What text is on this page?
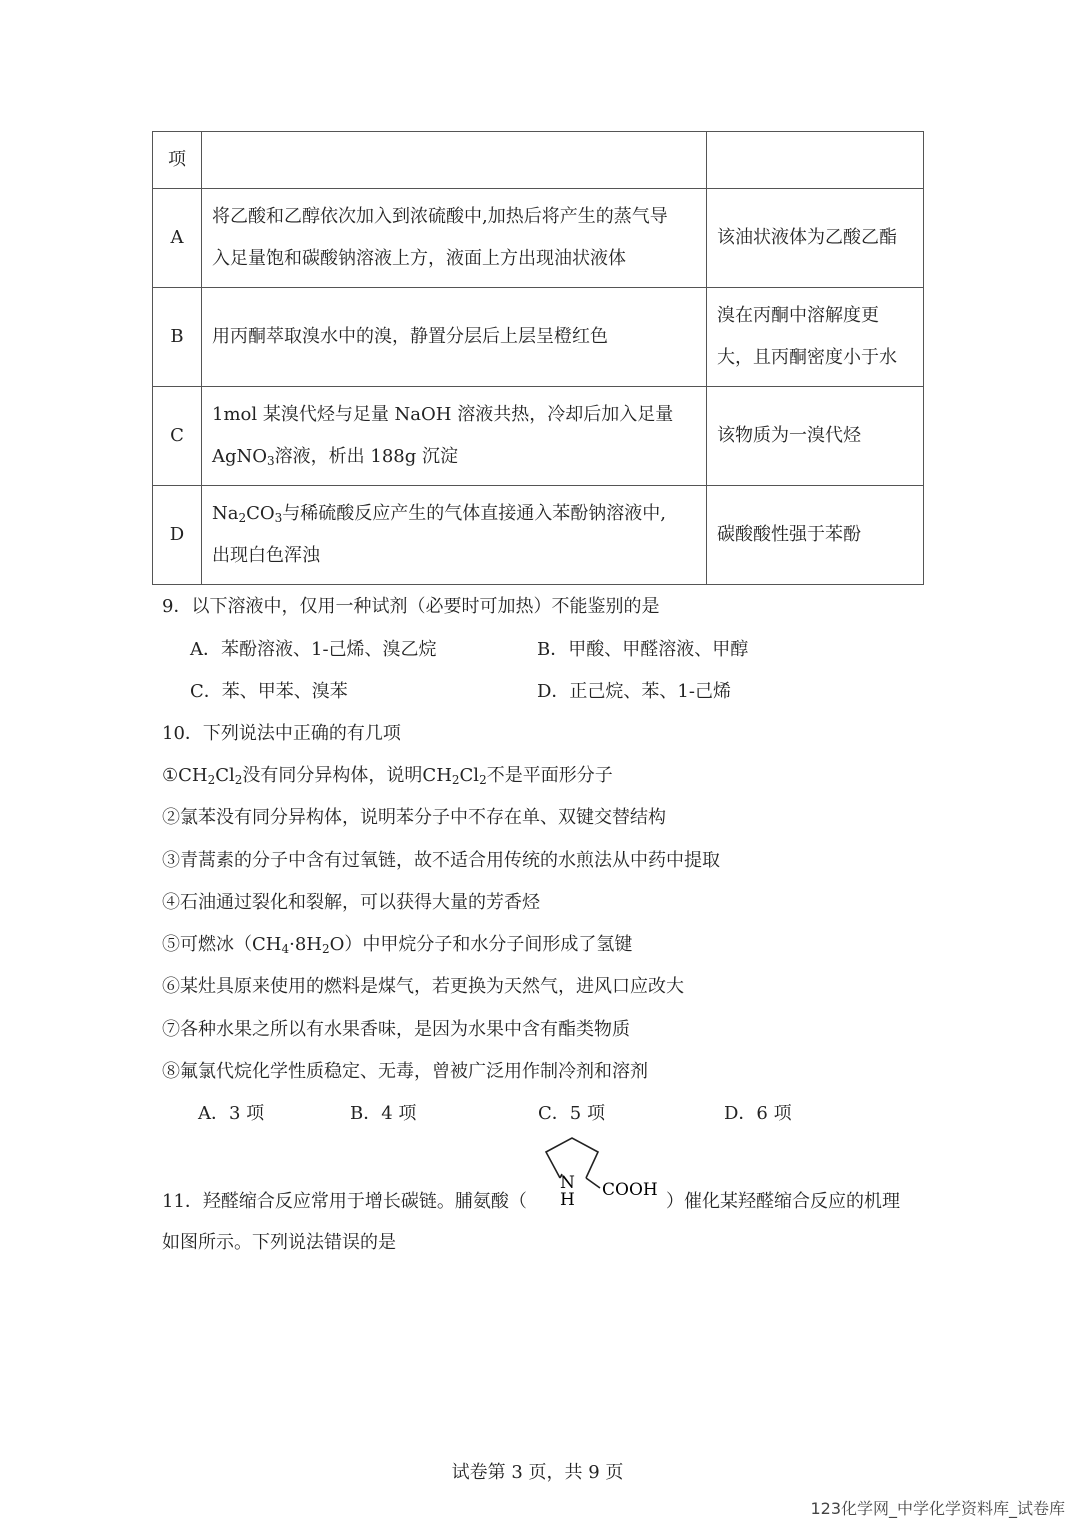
项		
A	将乙酸和乙醇依次加入到浓硫酸中,加热后将产生的蒸气导
入足量饱和碳酸钠溶液上方，液面上方出现油状液体	该油状液体为乙酸乙酯

B	用丙酮萃取溴水中的溴，静置分层后上层呈橙红色	溴在丙酮中溶解度更
大，且丙酮密度小于水

C	1mol 某溴代烃与足量 NaOH 溶液共热，冷却后加入足量
AgNO$_3$溶液，析出 188g 沉淀	该物质为一溴代烃

D	$Na_2CO_3$与稀硫酸反应产生的气体直接通入苯酚钠溶液中,
出现白色浑浊	碳酸酸性强于苯酚
9．以下溶液中，仅用一种试剂（必要时可加热）不能鉴别的是
A．苯酚溶液、1-己烯、溴乙烷	B．甲酸、甲醛溶液、甲醇
C．苯、甲苯、溴苯	D．正己烷、苯、1-己烯
10．下列说法中正确的有几项
$①CH_2Cl_2$没有同分异构体，说明$CH_2Cl_2$不是平面形分子
②氯苯没有同分异构体，说明苯分子中不存在单、双键交替结构
③青蒿素的分子中含有过氧链，故不适合用传统的水煎法从中药中提取
④石油通过裂化和裂解，可以获得大量的芳香烃
⑤可燃冰$(CH_4\cdot 8H_2O)$中甲烷分子和水分子间形成了氢键
⑥某灶具原来使用的燃料是煤气，若更换为天然气，进风口应改大
⑦各种水果之所以有水果香味，是因为水果中含有酯类物质
⑧氟氯代烷化学性质稳定、无毒，曾被广泛用作制冷剂和溶剂
A．3 项	B．4 项	C．5 项	D．6 项
11．羟醛缩合反应常用于增长碳链。脯氨酸（
N
H COOH
）催化某羟醛缩合反应的机理
如图所示。下列说法错误的是
试卷第 3 页，共 9 页
123化学网_中学化学资料库_试卷库
